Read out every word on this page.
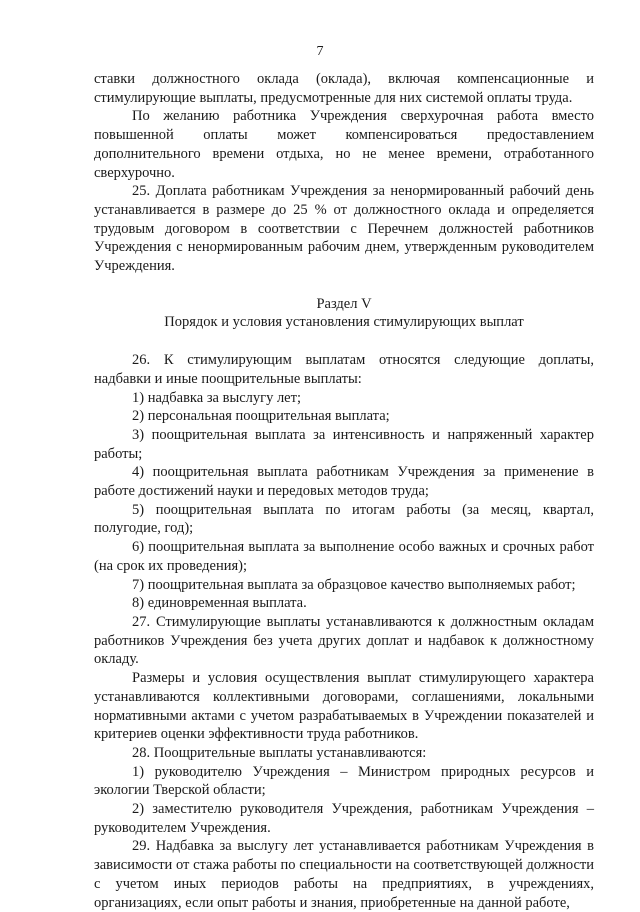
7

ставки должностного оклада (оклада), включая компенсационные и стимулирующие выплаты, предусмотренные для них системой оплаты труда.

По желанию работника Учреждения сверхурочная работа вместо повышенной оплаты может компенсироваться предоставлением дополнительного времени отдыха, но не менее времени, отработанного сверхурочно.

25. Доплата работникам Учреждения за ненормированный рабочий день устанавливается в размере до 25 % от должностного оклада и определяется трудовым договором в соответствии с Перечнем должностей работников Учреждения с ненормированным рабочим днем, утвержденным руководителем Учреждения.

Раздел V

Порядок и условия установления стимулирующих выплат

26. К стимулирующим выплатам относятся следующие доплаты, надбавки и иные поощрительные выплаты:

1) надбавка за выслугу лет;

2) персональная поощрительная выплата;

3) поощрительная выплата за интенсивность и напряженный характер работы;

4) поощрительная выплата работникам Учреждения за применение в работе достижений науки и передовых методов труда;

5) поощрительная выплата по итогам работы (за месяц, квартал, полугодие, год);

6) поощрительная выплата за выполнение особо важных и срочных работ (на срок их проведения);

7) поощрительная выплата за образцовое качество выполняемых работ;

8) единовременная выплата.

27. Стимулирующие выплаты устанавливаются к должностным окладам работников Учреждения без учета других доплат и надбавок к должностному окладу.

Размеры и условия осуществления выплат стимулирующего характера устанавливаются коллективными договорами, соглашениями, локальными нормативными актами с учетом разрабатываемых в Учреждении показателей и критериев оценки эффективности труда работников.

28. Поощрительные выплаты устанавливаются:

1) руководителю Учреждения – Министром природных ресурсов и экологии Тверской области;

2) заместителю руководителя Учреждения, работникам Учреждения – руководителем Учреждения.

29. Надбавка за выслугу лет устанавливается работникам Учреждения в зависимости от стажа работы по специальности на соответствующей должности с учетом иных периодов работы на предприятиях, в учреждениях, организациях, если опыт работы и знания, приобретенные на данной работе,
